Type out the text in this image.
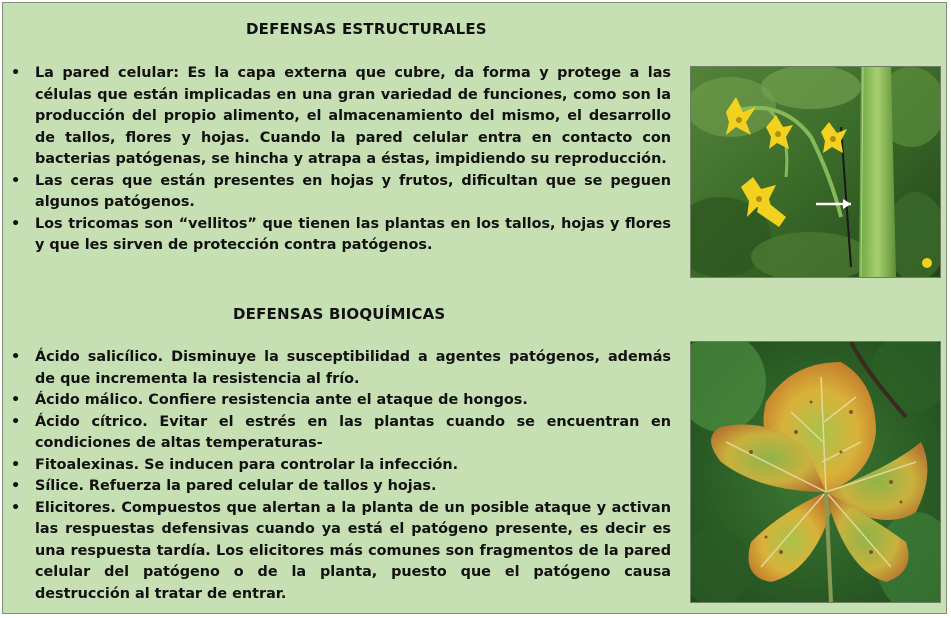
DEFENSAS ESTRUCTURALES
•	La pared celular: Es la capa externa que cubre, da forma y protege a las células que están implicadas en una gran variedad de funciones, como son la producción del propio alimento, el almacenamiento del mismo, el desarrollo de tallos, flores y hojas. Cuando la pared celular entra en contacto con bacterias patógenas, se hincha y atrapa a éstas, impidiendo su reproducción.
•	Las ceras que están presentes en hojas y frutos, dificultan que se peguen algunos patógenos.
•	Los tricomas son “vellitos” que tienen las plantas en los tallos, hojas y flores y que les sirven de protección contra patógenos.
DEFENSAS BIOQUÍMICAS
•	Ácido salicílico. Disminuye la susceptibilidad a agentes patógenos, además de que incrementa la resistencia al frío.
•	Ácido málico. Confiere resistencia ante el ataque de hongos.
•	Ácido cítrico. Evitar el estrés en las plantas cuando se encuentran en condiciones de altas temperaturas-
•	Fitoalexinas. Se inducen para controlar la infección.
•	Sílice. Refuerza la pared celular de tallos y hojas.
•	Elicitores. Compuestos que alertan a la planta de un posible ataque y activan las respuestas defensivas cuando ya está el patógeno presente, es decir es una respuesta tardía. Los elicitores más comunes son fragmentos de la pared celular del patógeno o de la planta, puesto que el patógeno causa destrucción al tratar de entrar.
